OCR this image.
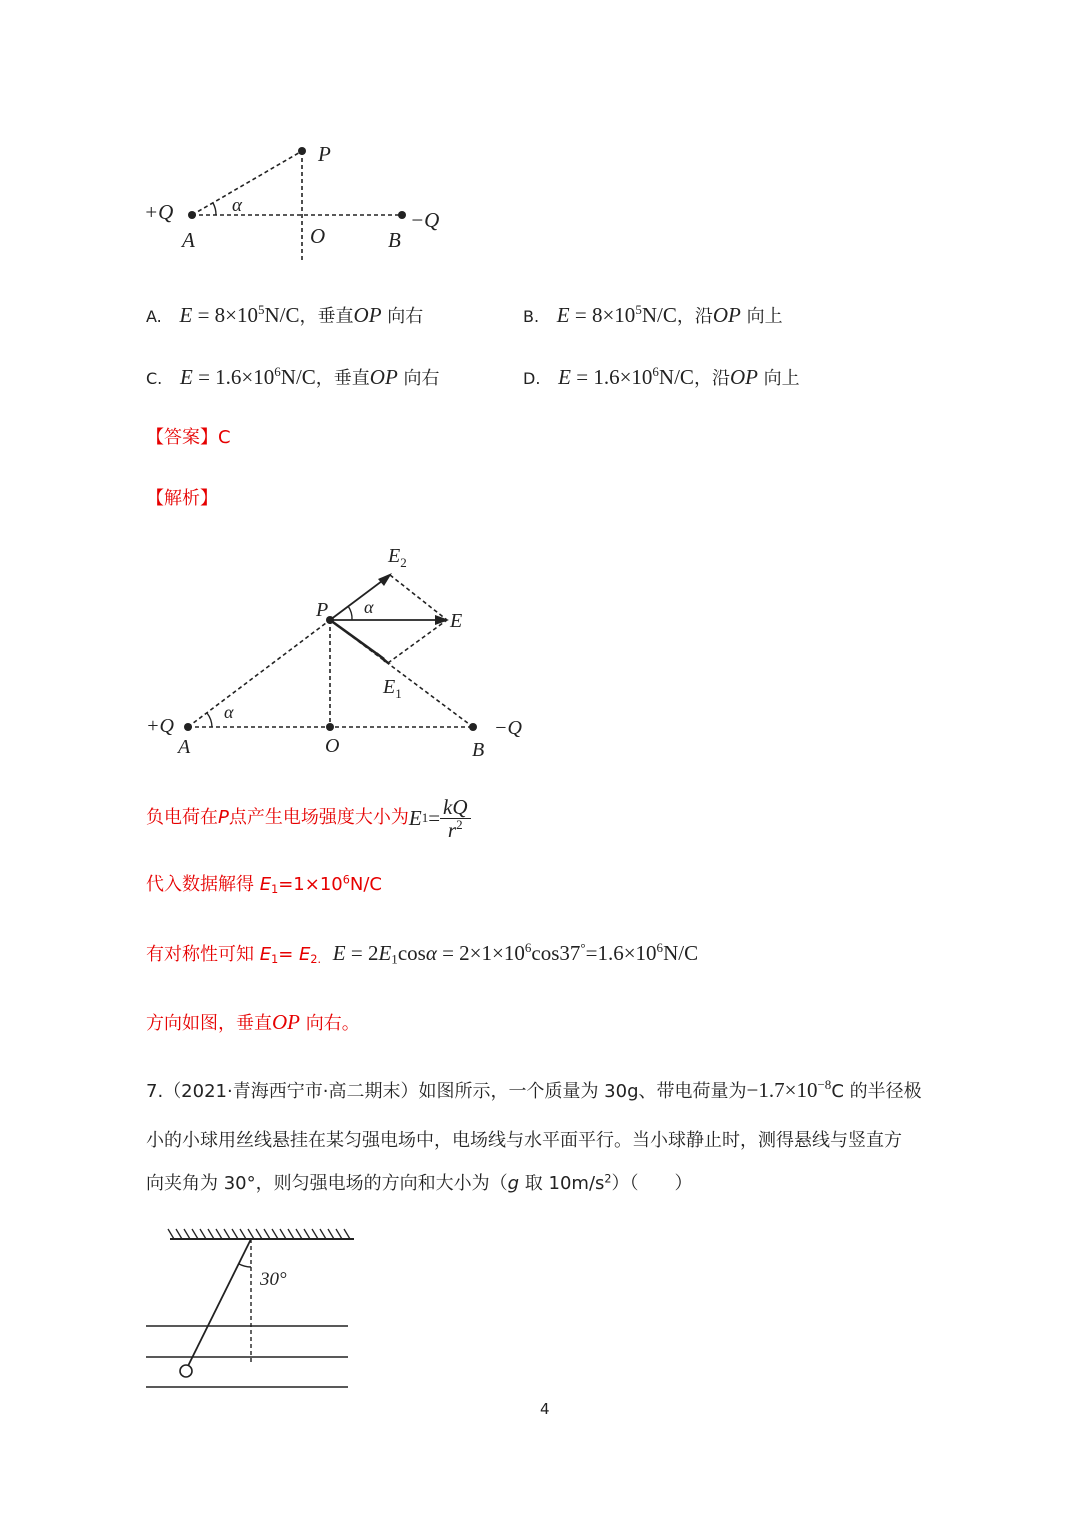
P
+Q	α
A	O	B
−Q
A. $E = 8\times 10^5N/C$，垂直OP 向右	B. $E = 8\times 10^5N/C$，沿OP 向上
C. $E = 1.6\times 10^6N/C$，垂直OP 向右	D. $E = 1.6\times 10^6N/C$，沿OP 向上
【答案】C
【解析】
$E_2$
P α
E
$E_1$
+Q
α
A	O	B
−Q
负电荷在 P 点产生电场强度大小为 E $1 = \frac{kQ}{r^2}$
代入数据解得 $E_1=1\times 10^6N/C$
有对称性可知 $E_1= E_{2.}$ $E = 2E_1\cos\alpha = 2\times 1\times 10^6\cos 37^\circ=1.6\times 10^6N/C$
方向如图，垂直OP 向右。
7.（2021·青海西宁市·高二期末）如图所示，一个质量为 30g、带电荷量为$-1.7\times 10^{-8}C$ 的半径极
小的小球用丝线悬挂在某匀强电场中，电场线与水平面平行。当小球静止时，测得悬线与竖直方
向夹角为 30°，则匀强电场的方向和大小为（g 取 $10m/s^2$）（　　）
30°
4
